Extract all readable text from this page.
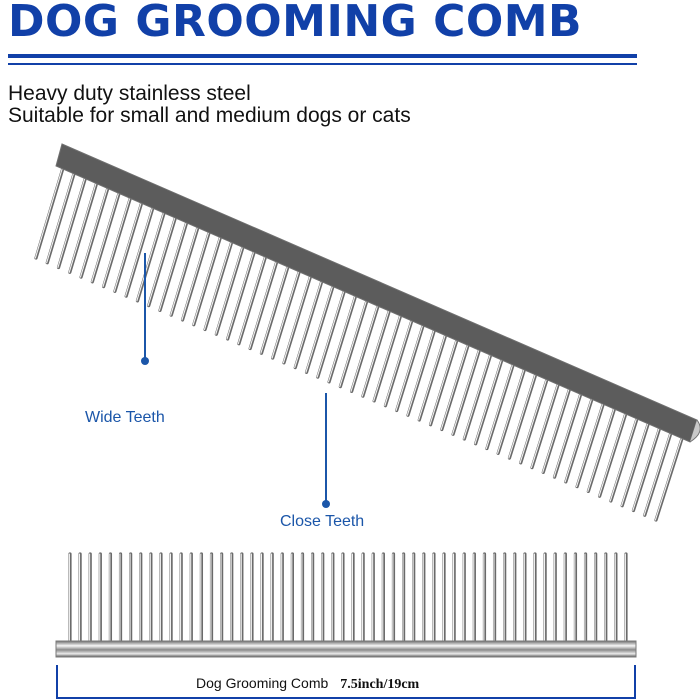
DOG GROOMING COMB

Heavy duty stainless steel

Suitable for small and medium dogs or cats

Wide Teeth

Close Teeth

Dog Grooming Comb 7.5inch/19cm
